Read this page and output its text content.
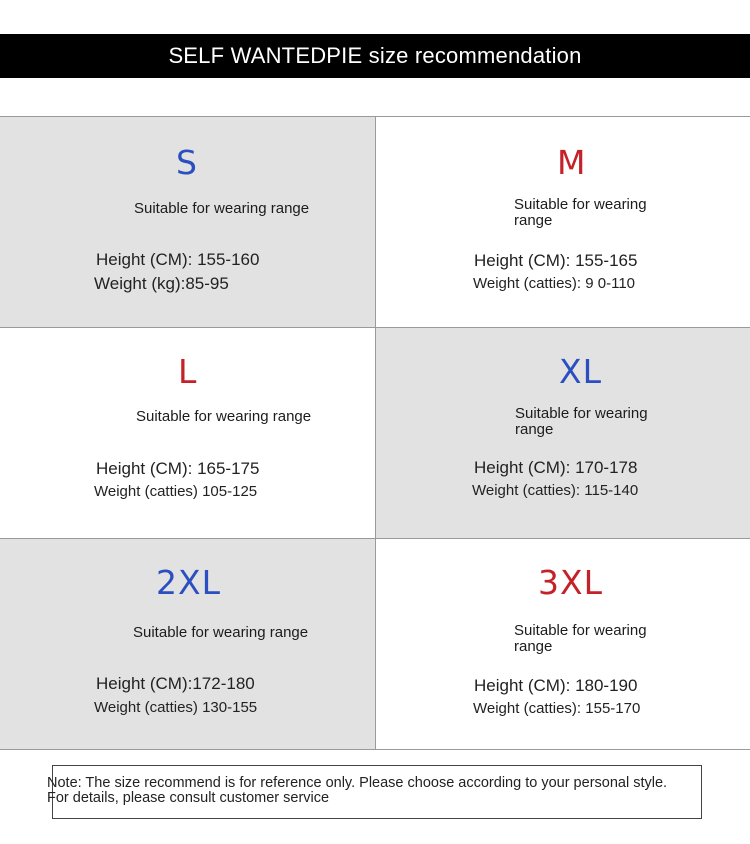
SELF WANTEDPIE size recommendation
S
Suitable for wearing range
Height (CM): 155-160
Weight (kg):85-95
M
Suitable for wearing range
Height (CM): 155-165
Weight (catties): 9 0-110
L
Suitable for wearing range
Height (CM): 165-175
Weight (catties) 105-125
XL
Suitable for wearing range
Height (CM): 170-178
Weight (catties): 115-140
2XL
Suitable for wearing range
Height (CM):172-180
Weight (catties) 130-155
3XL
Suitable for wearing range
Height (CM): 180-190
Weight (catties): 155-170
Note: The size recommend is for reference only. Please choose according to your personal style.
For details, please consult customer service
